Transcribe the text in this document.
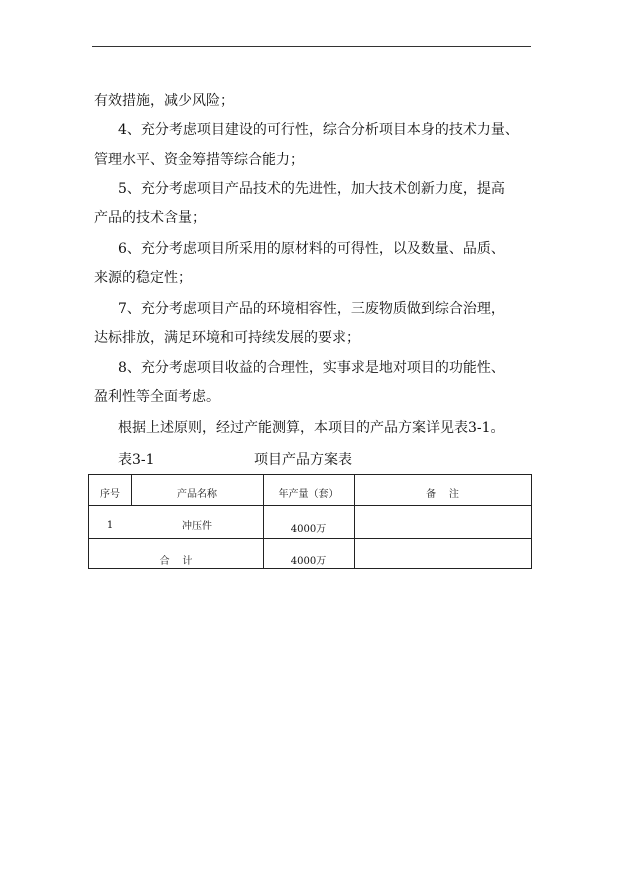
有效措施，减少风险；
4、充分考虑项目建设的可行性，综合分析项目本身的技术力量、
管理水平、资金筹措等综合能力；
5、充分考虑项目产品技术的先进性，加大技术创新力度，提高
产品的技术含量；
6、充分考虑项目所采用的原材料的可得性，以及数量、品质、
来源的稳定性；
7、充分考虑项目产品的环境相容性，三废物质做到综合治理，
达标排放，满足环境和可持续发展的要求；
8、充分考虑项目收益的合理性，实事求是地对项目的功能性、
盈利性等全面考虑。
根据上述原则，经过产能测算，本项目的产品方案详见表3-1。
表3-1	项目产品方案表
序号	产品名称	年产量（套）	备    注
1	冲压件	4000万
合    计	4000万
